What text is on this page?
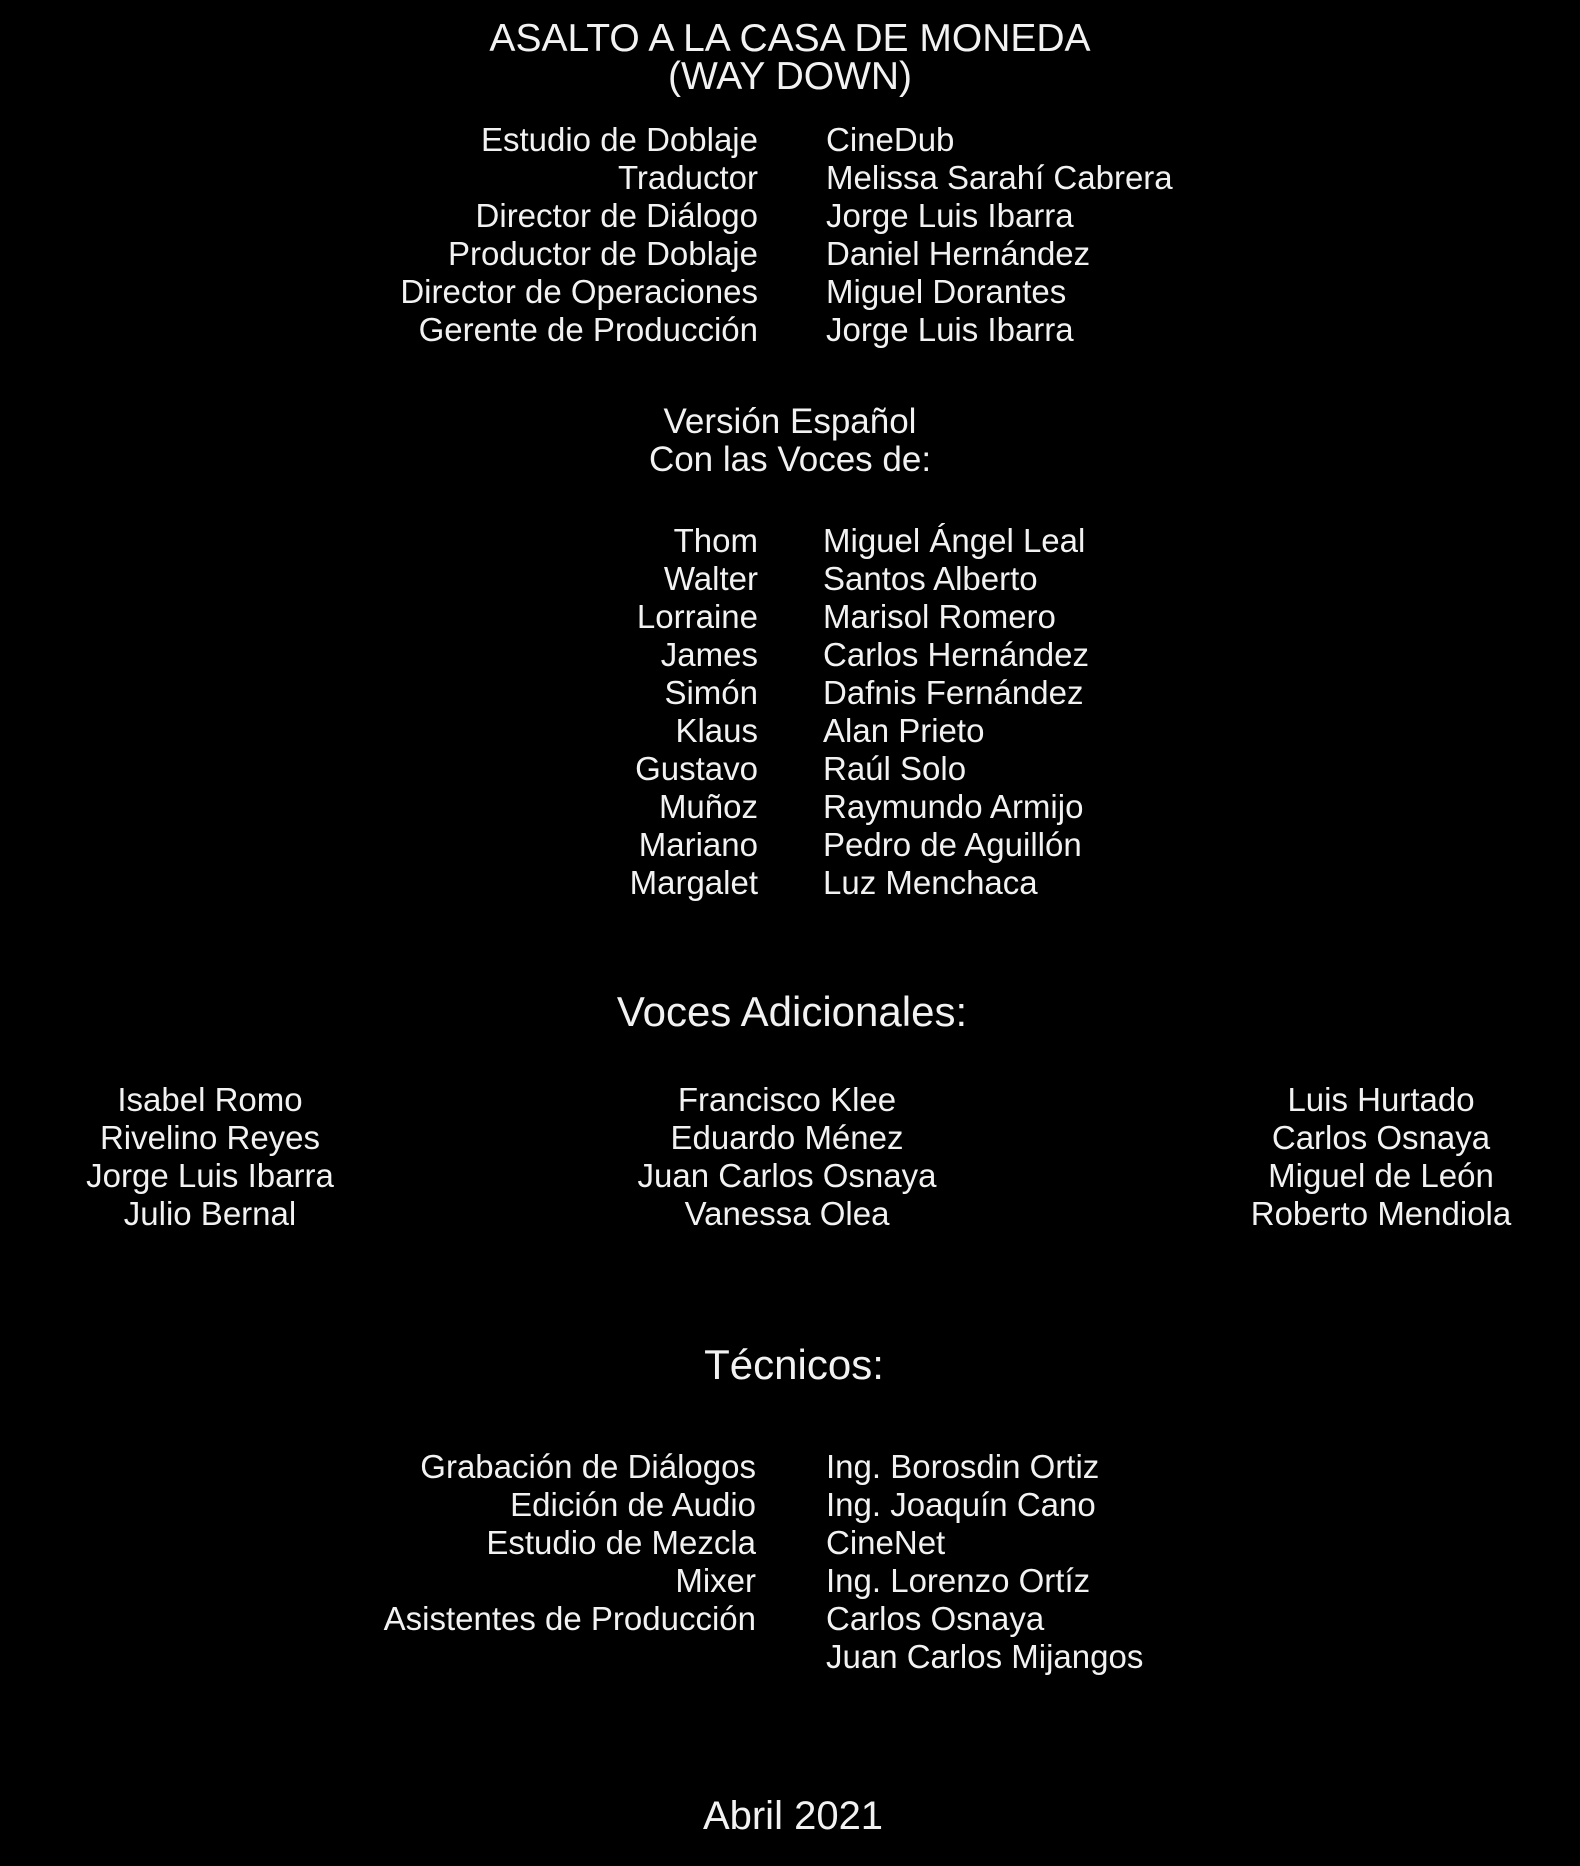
ASALTO A LA CASA DE MONEDA
(WAY DOWN)
Estudio de Doblaje
Traductor
Director de Diálogo
Productor de Doblaje
Director de Operaciones
Gerente de Producción
CineDub
Melissa Sarahí Cabrera
Jorge Luis Ibarra
Daniel Hernández
Miguel Dorantes
Jorge Luis Ibarra
Versión Español
Con las Voces de:
Thom
Walter
Lorraine
James
Simón
Klaus
Gustavo
Muñoz
Mariano
Margalet
Miguel Ángel Leal
Santos Alberto
Marisol Romero
Carlos Hernández
Dafnis Fernández
Alan Prieto
Raúl Solo
Raymundo Armijo
Pedro de Aguillón
Luz Menchaca
Voces Adicionales:
Isabel Romo
Rivelino Reyes
Jorge Luis Ibarra
Julio Bernal
Francisco Klee
Eduardo Ménez
Juan Carlos Osnaya
Vanessa Olea
Luis Hurtado
Carlos Osnaya
Miguel de León
Roberto Mendiola
Técnicos:
Grabación de Diálogos
Edición de Audio
Estudio de Mezcla
Mixer
Asistentes de Producción
Ing. Borosdin Ortiz
Ing. Joaquín Cano
CineNet
Ing. Lorenzo Ortíz
Carlos Osnaya
Juan Carlos Mijangos
Abril 2021
